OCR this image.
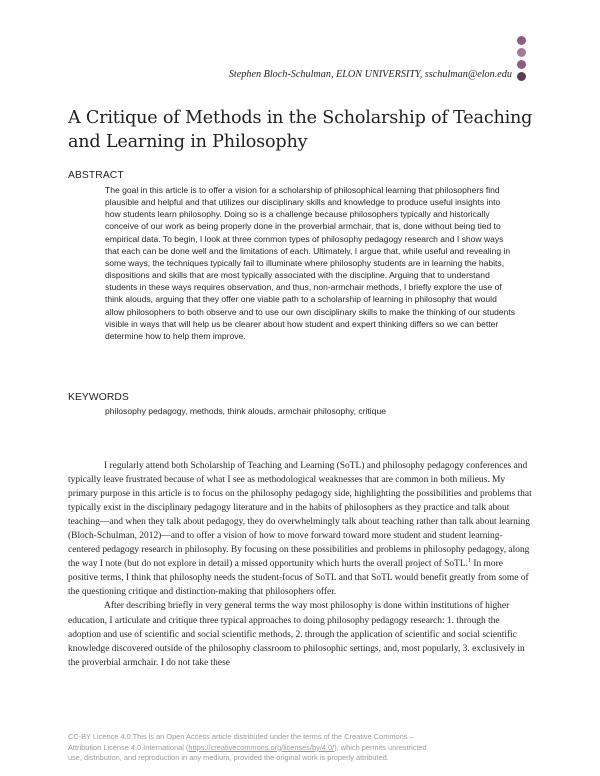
Stephen Bloch-Schulman, ELON UNIVERSITY, sschulman@elon.edu
A Critique of Methods in the Scholarship of Teaching and Learning in Philosophy
ABSTRACT

The goal in this article is to offer a vision for a scholarship of philosophical learning that philosophers find plausible and helpful and that utilizes our disciplinary skills and knowledge to produce useful insights into how students learn philosophy. Doing so is a challenge because philosophers typically and historically conceive of our work as being properly done in the proverbial armchair, that is, done without being tied to empirical data. To begin, I look at three common types of philosophy pedagogy research and I show ways that each can be done well and the limitations of each. Ultimately, I argue that, while useful and revealing in some ways, the techniques typically fail to illuminate where philosophy students are in learning the habits, dispositions and skills that are most typically associated with the discipline. Arguing that to understand students in these ways requires observation, and thus, non-armchair methods, I briefly explore the use of think alouds, arguing that they offer one viable path to a scholarship of learning in philosophy that would allow philosophers to both observe and to use our own disciplinary skills to make the thinking of our students visible in ways that will help us be clearer about how student and expert thinking differs so we can better determine how to help them improve.

KEYWORDS

philosophy pedagogy, methods, think alouds, armchair philosophy, critique

I regularly attend both Scholarship of Teaching and Learning (SoTL) and philosophy pedagogy conferences and typically leave frustrated because of what I see as methodological weaknesses that are common in both milieus. My primary purpose in this article is to focus on the philosophy pedagogy side, highlighting the possibilities and problems that typically exist in the disciplinary pedagogy literature and in the habits of philosophers as they practice and talk about teaching—and when they talk about pedagogy, they do overwhelmingly talk about teaching rather than talk about learning (Bloch-Schulman, 2012)—and to offer a vision of how to move forward toward more student and student learning-centered pedagogy research in philosophy. By focusing on these possibilities and problems in philosophy pedagogy, along the way I note (but do not explore in detail) a missed opportunity which hurts the overall project of SoTL.$^1$ In more positive terms, I think that philosophy needs the student-focus of SoTL and that SoTL would benefit greatly from some of the questioning critique and distinction-making that philosophers offer.

After describing briefly in very general terms the way most philosophy is done within institutions of higher education, I articulate and critique three typical approaches to doing philosophy pedagogy research: 1. through the adoption and use of scientific and social scientific methods, 2. through the application of scientific and social scientific knowledge discovered outside of the philosophy classroom to philosophic settings, and, most popularly, 3. exclusively in the proverbial armchair. I do not take these

CC-BY Licence 4.0 This is an Open Access article distributed under the terms of the Creative Commons –
Attribution License 4.0 International (https://creativecommons.org/licenses/by/4.0/), which permits unrestricted
use, distribution, and reproduction in any medium, provided the original work is properly attributed.
